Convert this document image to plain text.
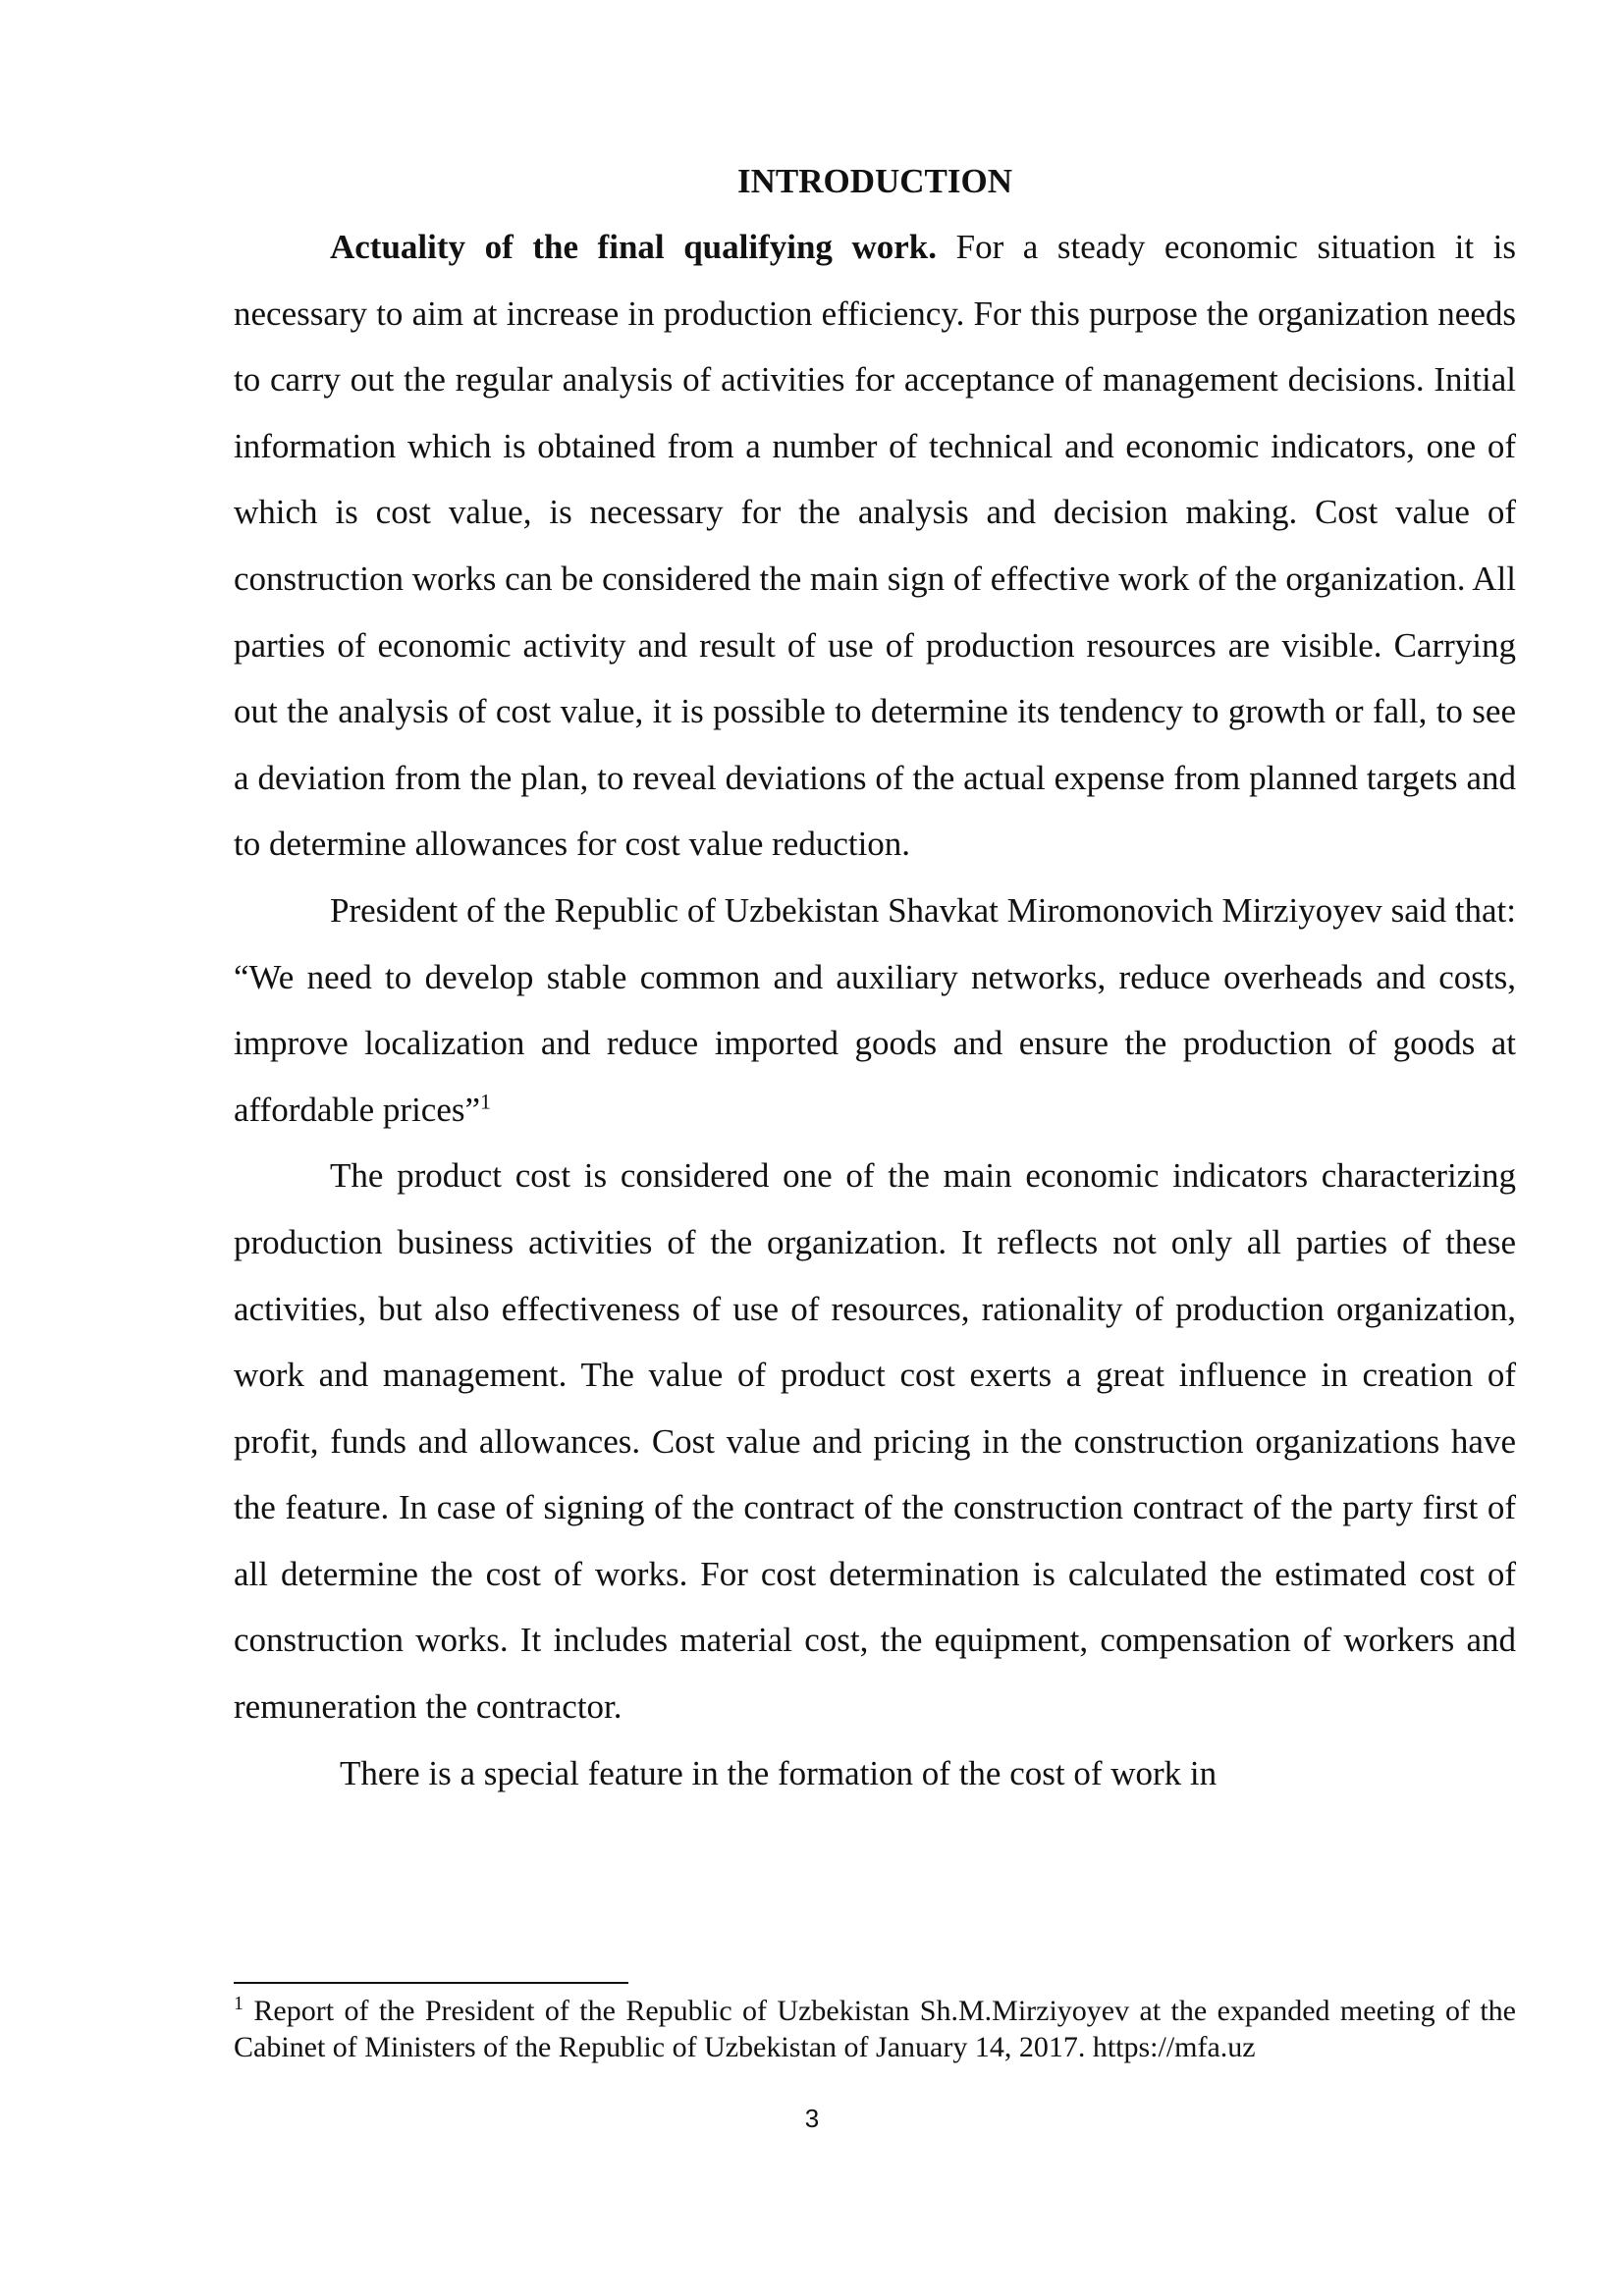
INTRODUCTION

Actuality of the final qualifying work. For a steady economic situation it is necessary to aim at increase in production efficiency. For this purpose the organization needs to carry out the regular analysis of activities for acceptance of management decisions. Initial information which is obtained from a number of technical and economic indicators, one of which is cost value, is necessary for the analysis and decision making. Cost value of construction works can be considered the main sign of effective work of the organization. All parties of economic activity and result of use of production resources are visible. Carrying out the analysis of cost value, it is possible to determine its tendency to growth or fall, to see a deviation from the plan, to reveal deviations of the actual expense from planned targets and to determine allowances for cost value reduction.

President of the Republic of Uzbekistan Shavkat Miromonovich Mirziyoyev said that: “We need to develop stable common and auxiliary networks, reduce overheads and costs, improve localization and reduce imported goods and ensure the production of goods at affordable prices”$^1$

The product cost is considered one of the main economic indicators characterizing production business activities of the organization. It reflects not only all parties of these activities, but also effectiveness of use of resources, rationality of production organization, work and management. The value of product cost exerts a great influence in creation of profit, funds and allowances. Cost value and pricing in the construction organizations have the feature. In case of signing of the contract of the construction contract of the party first of all determine the cost of works. For cost determination is calculated the estimated cost of construction works. It includes material cost, the equipment, compensation of workers and remuneration the contractor.

There is a special feature in the formation of the cost of work in

$^1$ Report of the President of the Republic of Uzbekistan Sh.M.Mirziyoyev at the expanded meeting of the Cabinet of Ministers of the Republic of Uzbekistan of January 14, 2017. https://mfa.uz

3
